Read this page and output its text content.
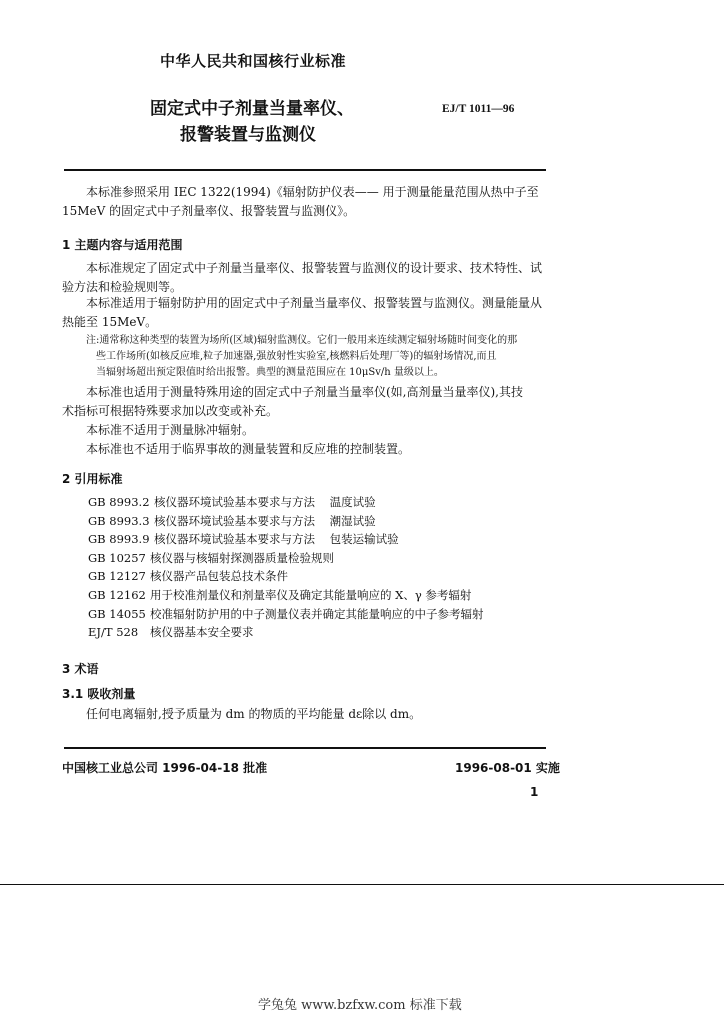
中华人民共和国核行业标准
固定式中子剂量当量率仪、
报警装置与监测仪
EJ/T 1011—96
本标准参照采用 IEC 1322(1994)《辐射防护仪表—— 用于测量能量范围从热中子至
15MeV 的固定式中子剂量率仪、报警装置与监测仪》。
1 主题内容与适用范围
本标准规定了固定式中子剂量当量率仪、报警装置与监测仪的设计要求、技术特性、试
验方法和检验规则等。
本标准适用于辐射防护用的固定式中子剂量当量率仪、报警装置与监测仪。测量能量从
热能至 15MeV。
注:通常称这种类型的装置为场所(区域)辐射监测仪。它们一般用来连续测定辐射场随时间变化的那
些工作场所(如核反应堆,粒子加速器,强放射性实验室,核燃料后处理厂等)的辐射场情况,而且
当辐射场超出预定限值时给出报警。典型的测量范围应在 10μSv/h 量级以上。
本标准也适用于测量特殊用途的固定式中子剂量当量率仪(如,高剂量当量率仪),其技
术指标可根据特殊要求加以改变或补充。
本标准不适用于测量脉冲辐射。
本标准也不适用于临界事故的测量装置和反应堆的控制装置。
2 引用标准
GB 8993.2 核仪器环境试验基本要求与方法    温度试验
GB 8993.3 核仪器环境试验基本要求与方法    潮湿试验
GB 8993.9 核仪器环境试验基本要求与方法    包装运输试验
GB 10257 核仪器与核辐射探测器质量检验规则
GB 12127 核仪器产品包装总技术条件
GB 12162 用于校准剂量仪和剂量率仪及确定其能量响应的 X、γ 参考辐射
GB 14055 校准辐射防护用的中子测量仪表并确定其能量响应的中子参考辐射
EJ/T 528 核仪器基本安全要求
3 术语
3.1 吸收剂量
任何电离辐射,授予质量为 dm 的物质的平均能量 dε除以 dm。
中国核工业总公司 1996-04-18 批准	1996-08-01 实施
1
学兔兔 www.bzfxw.com 标准下载
